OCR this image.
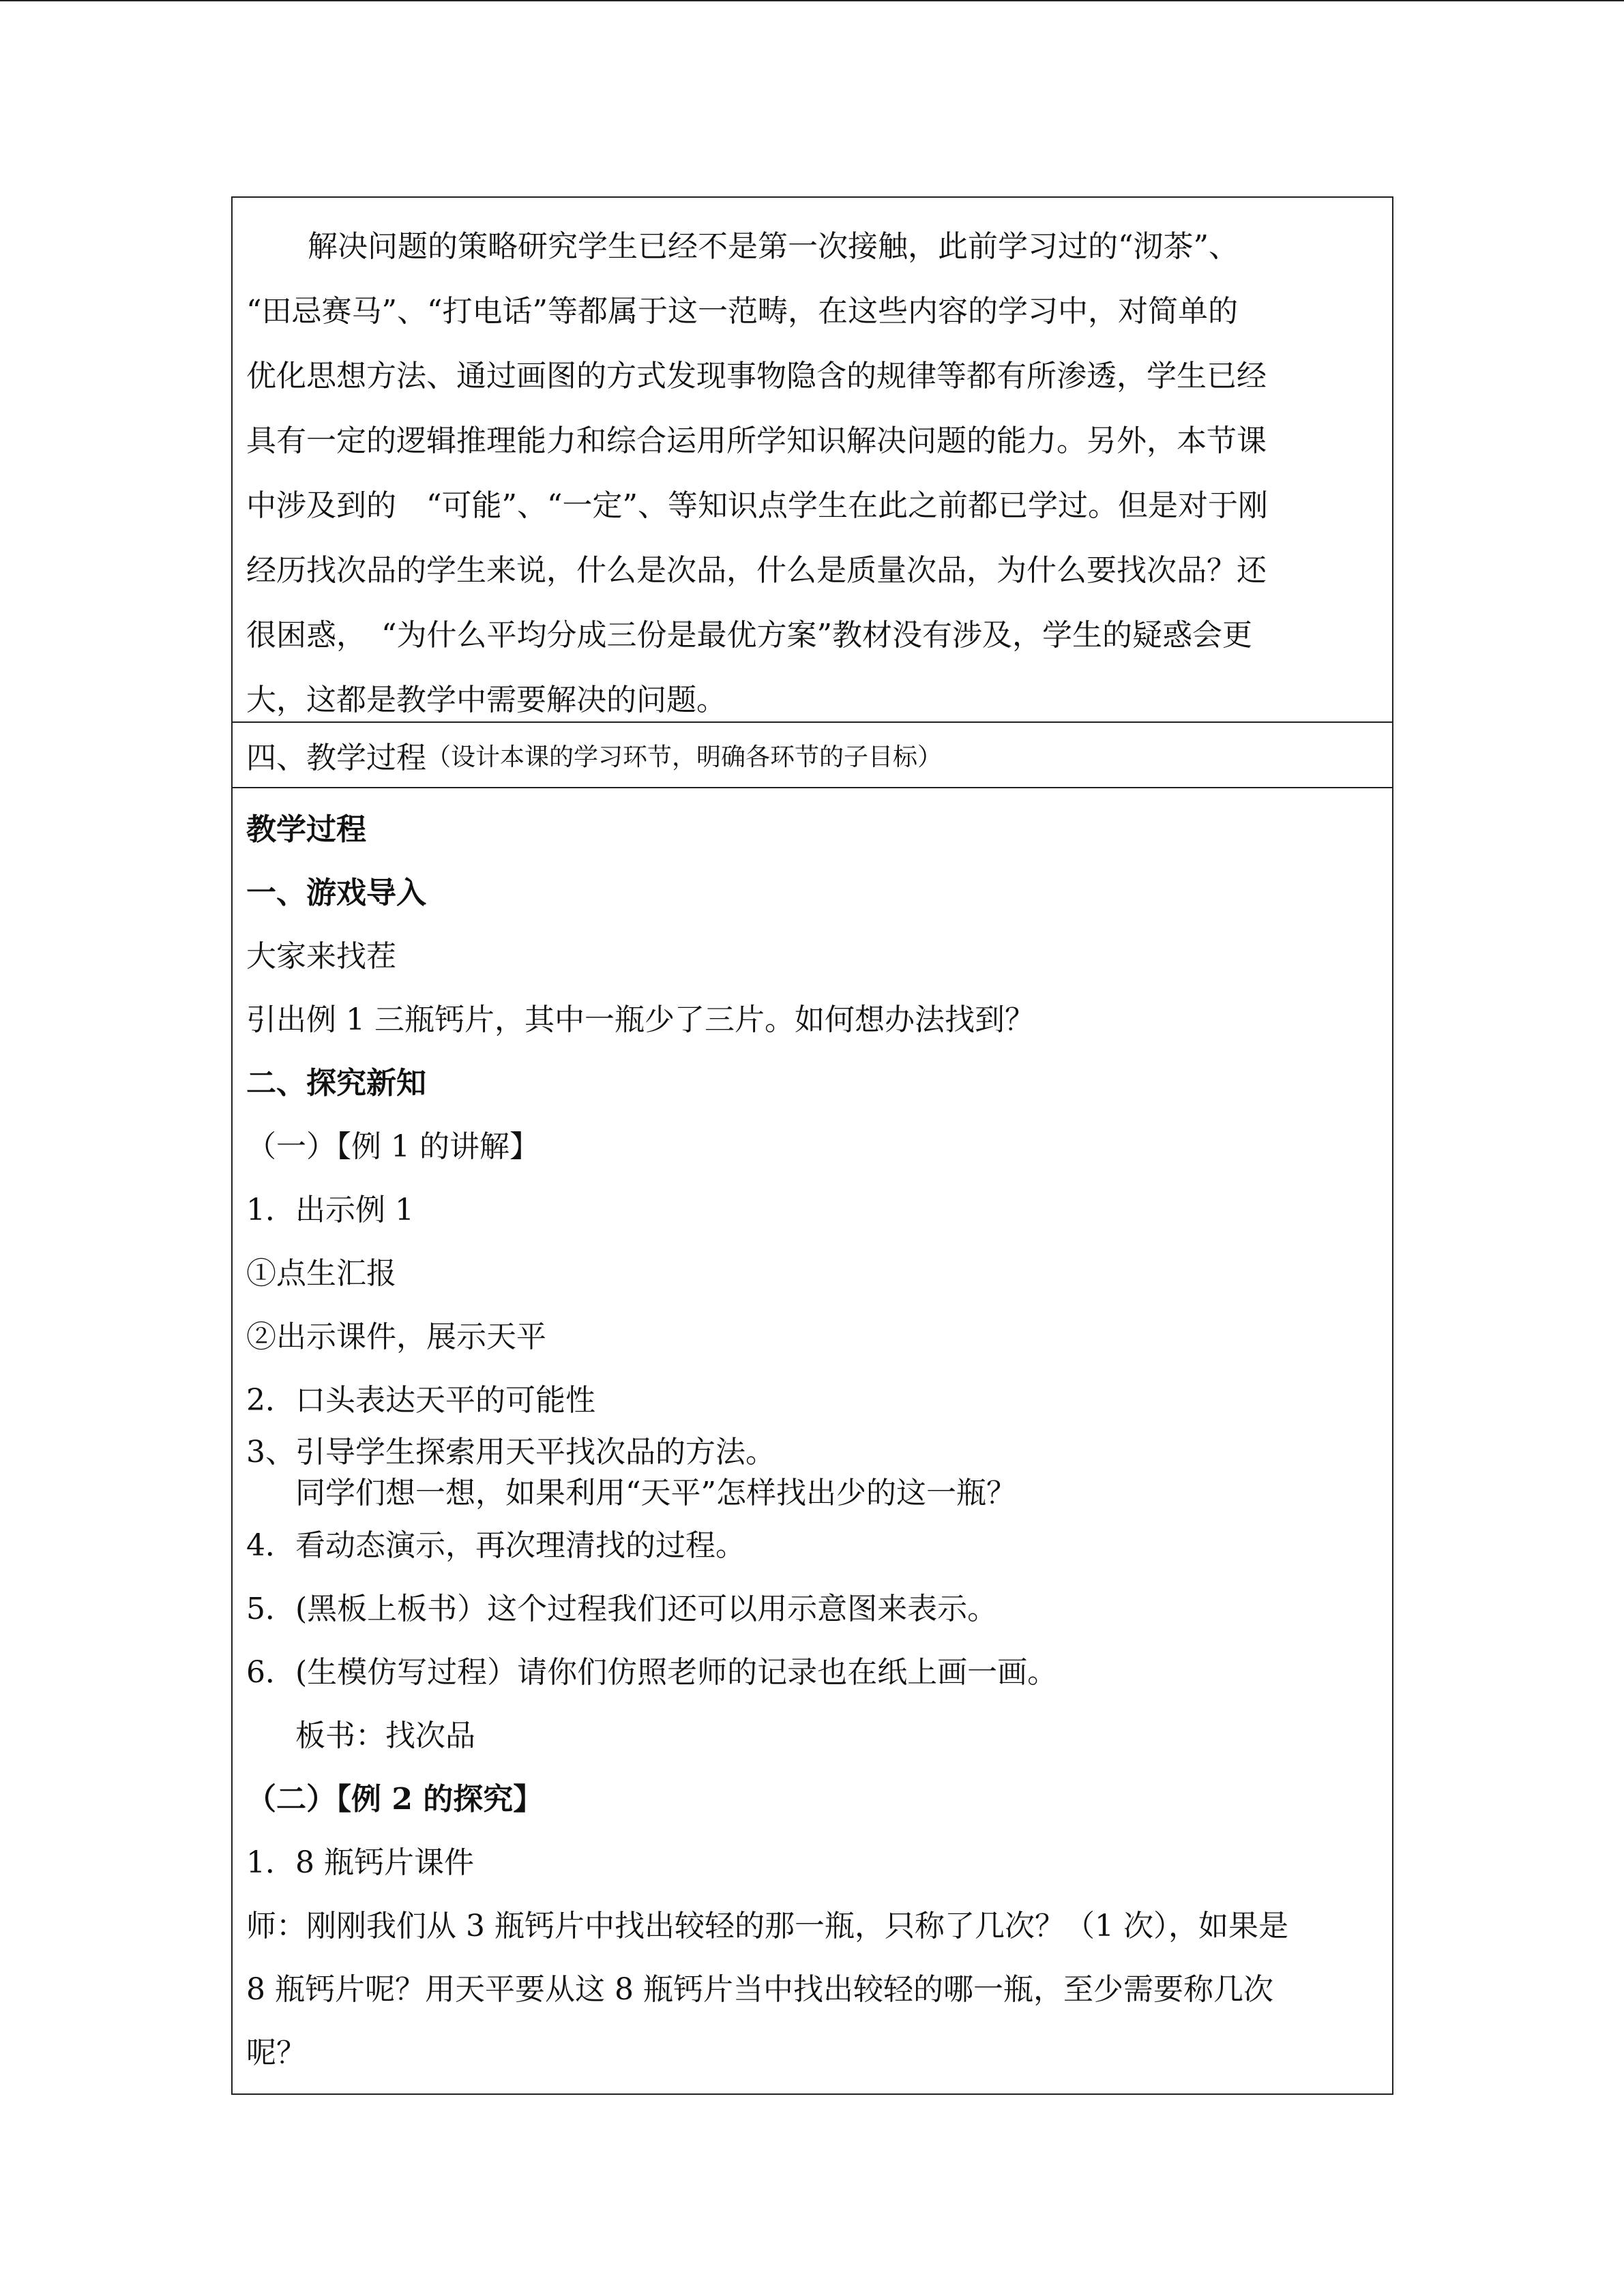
解决问题的策略研究学生已经不是第一次接触，此前学习过的“沏茶”、

“田忌赛马”、“打电话”等都属于这一范畴，在这些内容的学习中，对简单的

优化思想方法、通过画图的方式发现事物隐含的规律等都有所渗透，学生已经

具有一定的逻辑推理能力和综合运用所学知识解决问题的能力。另外，本节课

中涉及到的　“可能”、“一定”、等知识点学生在此之前都已学过。但是对于刚

经历找次品的学生来说，什么是次品，什么是质量次品，为什么要找次品？还

很困惑，　“为什么平均分成三份是最优方案”教材没有涉及，学生的疑惑会更

大，这都是教学中需要解决的问题。

四、教学过程 （设计本课的学习环节，明确各环节的子目标）

教学过程

一、游戏导入

大家来找茬

引出例 1 三瓶钙片，其中一瓶少了三片。如何想办法找到？

二、探究新知

（一）【例 1 的讲解】

1．出示例 1

①点生汇报

②出示课件，展示天平

2．口头表达天平的可能性

3、引导学生探索用天平找次品的方法。

同学们想一想，如果利用“天平”怎样找出少的这一瓶？

4．看动态演示，再次理清找的过程。

5．(黑板上板书）这个过程我们还可以用示意图来表示。

6．(生模仿写过程）请你们仿照老师的记录也在纸上画一画。

板书：找次品

（二）【例 2 的探究】

1．8 瓶钙片课件

师：刚刚我们从 3 瓶钙片中找出较轻的那一瓶，只称了几次？（1 次），如果是

8 瓶钙片呢？用天平要从这 8 瓶钙片当中找出较轻的哪一瓶，至少需要称几次

呢？
